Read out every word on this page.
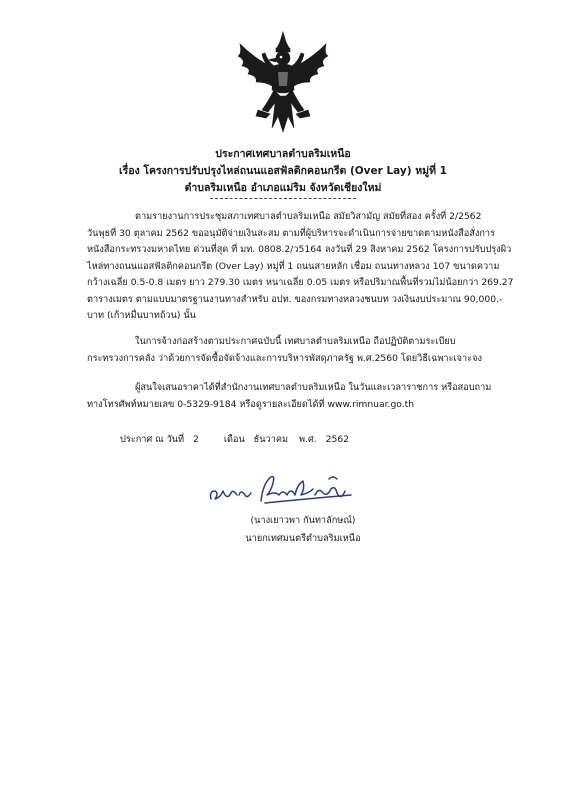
ประกาศเทศบาลตำบลริมเหนือ
เรื่อง โครงการปรับปรุงไหล่ถนนแอสฟัลติกคอนกรีต (Over Lay) หมู่ที่ 1
ตำบลริมเหนือ อำเภอแม่ริม จังหวัดเชียงใหม่
ตามรายงานการประชุมสภาเทศบาลตำบลริมเหนือ สมัยวิสามัญ สมัยที่สอง ครั้งที่ 2/2562
วันพุธที่ 30 ตุลาคม 2562 ขออนุมัติจ่ายเงินสะสม ตามที่ผู้บริหารจะดำเนินการจ่ายขาดตามหนังสือสั่งการ
หนังสือกระทรวงมหาดไทย ด่วนที่สุด ที่ มท. 0808.2/ว5164 ลงวันที่ 29 สิงหาคม 2562 โครงการปรับปรุงผิว
ไหล่ทางถนนแอสฟัลติกคอนกรีต (Over Lay) หมู่ที่ 1 ถนนสายหลัก เชื่อม ถนนทางหลวง 107 ขนาดความ
กว้างเฉลี่ย 0.5-0.8 เมตร ยาว 279.30 เมตร หนาเฉลี่ย 0.05 เมตร หรือปริมาณพื้นที่รวมไม่น้อยกว่า 269.27
ตารางเมตร ตามแบบมาตรฐานงานทางสำหรับ อปท. ของกรมทางหลวงชนบท วงเงินงบประมาณ 90,000.-
บาท (เก้าหมื่นบาทถ้วน) นั้น
ในการจ้างก่อสร้างตามประกาศฉบับนี้ เทศบาลตำบลริมเหนือ ถือปฏิบัติตามระเบียบ
กระทรวงการคลัง ว่าด้วยการจัดซื้อจัดจ้างและการบริหารพัสดุภาครัฐ พ.ศ.2560 โดยวิธีเฉพาะเจาะจง
ผู้สนใจเสนอราคาได้ที่สำนักงานเทศบาลตำบลริมเหนือ ในวันและเวลาราชการ หรือสอบถาม
ทางโทรศัพท์หมายเลข 0-5329-9184 หรือดูรายละเอียดได้ที่ www.rimnuar.go.th
ประกาศ ณ วันที่ 2	เดือน ธันวาคม พ.ศ. 2562
(นางเยาวพา กันทาลักษณ์)
นายกเทศมนตรีตำบลริมเหนือ
